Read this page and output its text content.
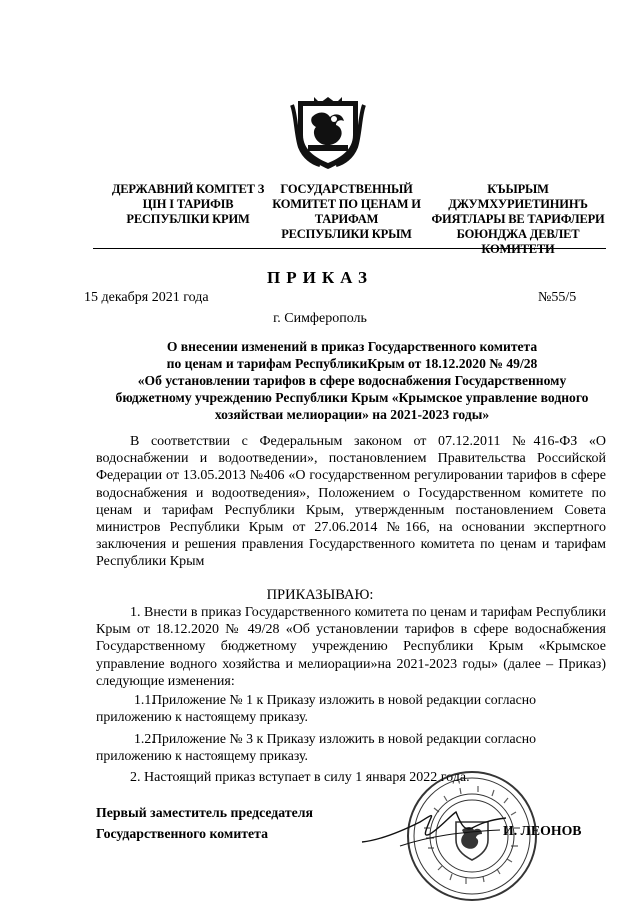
ДЕРЖАВНИЙ КОМІТЕТ З
ЦІН І ТАРИФІВ
РЕСПУБЛІКИ КРИМ
ГОСУДАРСТВЕННЫЙ
КОМИТЕТ ПО ЦЕНАМ И
ТАРИФАМ
РЕСПУБЛИКИ КРЫМ
КЪЫРЫМ
ДЖУМХУРИЕТИНИНЪ
ФИЯТЛАРЫ ВЕ ТАРИФЛЕРИ
БОЮНДЖА ДЕВЛЕТ
КОМИТЕТИ
ПРИКАЗ
15 декабря 2021 года	№55/5
г. Симферополь
О внесении изменений в приказ Государственного комитета
по ценам и тарифам РеспубликиКрым от 18.12.2020 № 49/28
«Об установлении тарифов в сфере водоснабжения Государственному
бюджетному учреждению Республики Крым «Крымское управление водного
хозяйстваи мелиорации» на 2021-2023 годы»
В соответствии с Федеральным законом от 07.12.2011 №416-ФЗ «О водоснабжении и водоотведении», постановлением Правительства Российской Федерации от 13.05.2013 №406 «О государственном регулировании тарифов в сфере водоснабжения и водоотведения», Положением о Государственном комитете по ценам и тарифам Республики Крым, утвержденным постановлением Совета министров Республики Крым от 27.06.2014 №166, на основании экспертного заключения и решения правления Государственного комитета по ценам и тарифам Республики Крым
ПРИКАЗЫВАЮ:
1. Внести в приказ Государственного комитета по ценам и тарифам Республики Крым от 18.12.2020 № 49/28 «Об установлении тарифов в сфере водоснабжения Государственному бюджетному учреждению Республики Крым «Крымское управление водного хозяйства и мелиорации»на 2021-2023 годы» (далее – Приказ) следующие изменения:
1.1.Приложение № 1 к Приказу изложить в новой редакции согласно приложению к настоящему приказу.
1.2.Приложение № 3 к Приказу изложить в новой редакции согласно приложению к настоящему приказу.
2. Настоящий приказ вступает в силу 1 января 2022 года.
Первый заместитель председателя
Государственного комитета	И. ЛЕОНОВ
